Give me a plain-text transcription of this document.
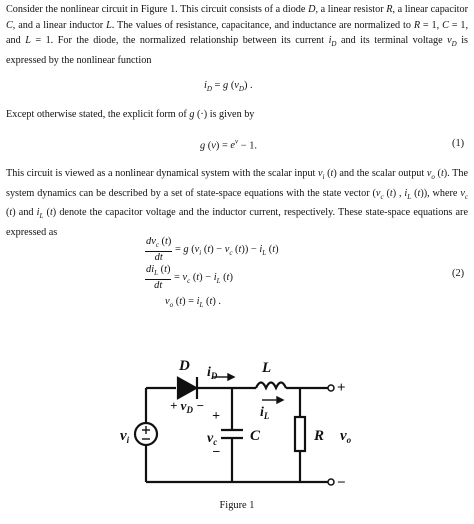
Consider the nonlinear circuit in Figure 1. This circuit consists of a diode D, a linear resistor R, a linear capacitor C, and a linear inductor L. The values of resistance, capacitance, and inductance are normalized to R = 1, C = 1, and L = 1. For the diode, the normalized relationship between its current $i_D$ and its terminal voltage $v_D$ is expressed by the nonlinear function
$i_D = g$ $(v_D)$ .
Except otherwise stated, the explicit form of g (·) is given by
g $(v) = e^v - 1$.	(1)
This circuit is viewed as a nonlinear dynamical system with the scalar input $v_i$ (t) and the scalar output $v_o$ (t). The system dynamics can be described by a set of state-space equations with the state vector ($v_c$ (t) , $i_L$ (t)), where $v_c$ (t) and $i_L$ (t) denote the capacitor voltage and the inductor current, respectively. These state-space equations are expressed as
$\frac{dv_c (t)}{dt} = g$ ($v_i$ $(t) - v_c$ $(t)) - i_L$ (t)
$\frac{di_L (t)}{dt} = v_c$ $(t) - i_L$ (t)
$v_o$ $(t) = i_L$ (t) .
(2)
D $i_D$	L
$i_L$
+ $v_D$ −
+
$v_c$
−
C	R
$v_i$	$v_o$
+
−
Figure 1
